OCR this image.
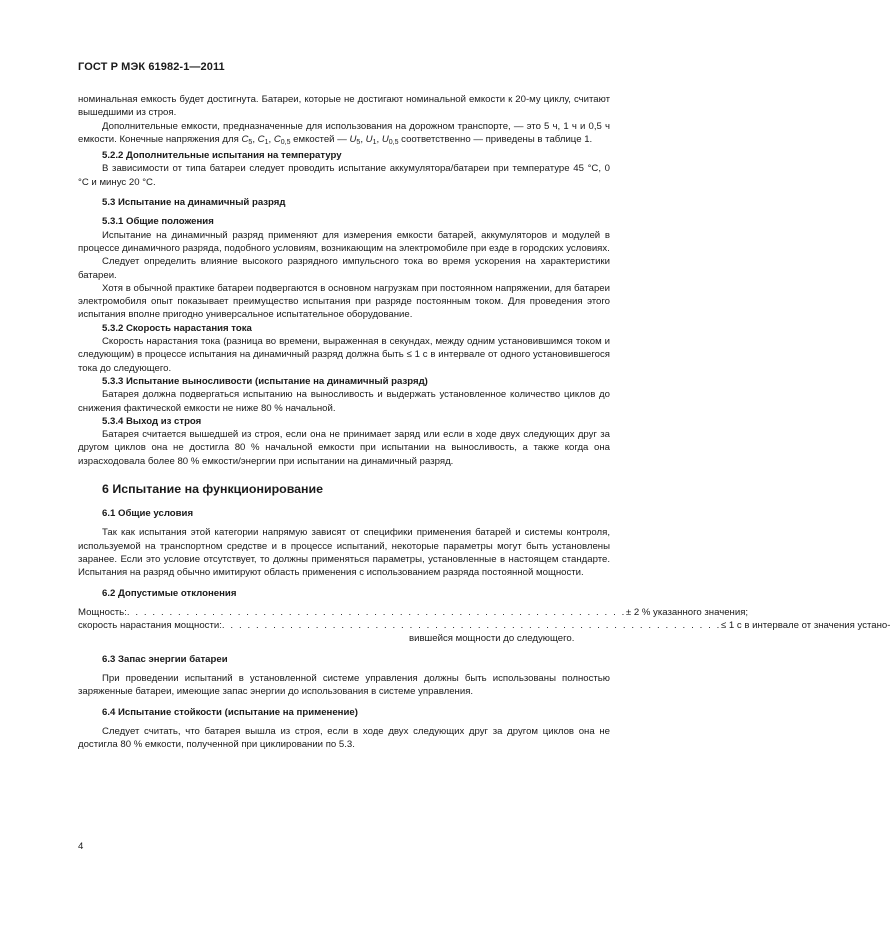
ГОСТ Р МЭК 61982-1—2011

номинальная емкость будет достигнута. Батареи, которые не достигают номинальной емкости к 20-му циклу, считают вышедшими из строя.

Дополнительные емкости, предназначенные для использования на дорожном транспорте, — это 5 ч, 1 ч и 0,5 ч емкости. Конечные напряжения для $C_5$, $C_1$, $C_{0,5}$ емкостей — $U_5$, $U_1$, $U_{0,5}$ соответственно — приведены в таблице 1.

5.2.2 Дополнительные испытания на температуру

В зависимости от типа батареи следует проводить испытание аккумулятора/батареи при температуре 45 °С, 0 °С и минус 20 °С.

5.3 Испытание на динамичный разряд
5.3.1 Общие положения

Испытание на динамичный разряд применяют для измерения емкости батарей, аккумуляторов и модулей в процессе динамичного разряда, подобного условиям, возникающим на электромобиле при езде в городских условиях.

Следует определить влияние высокого разрядного импульсного тока во время ускорения на характеристики батареи.

Хотя в обычной практике батареи подвергаются в основном нагрузкам при постоянном напряжении, для батареи электромобиля опыт показывает преимущество испытания при разряде постоянным током. Для проведения этого испытания вполне пригодно универсальное испытательное оборудование.

5.3.2 Скорость нарастания тока

Скорость нарастания тока (разница во времени, выраженная в секундах, между одним установившимся током и следующим) в процессе испытания на динамичный разряд должна быть ≤ 1 с в интервале от одного установившегося тока до следующего.

5.3.3 Испытание выносливости (испытание на динамичный разряд)

Батарея должна подвергаться испытанию на выносливость и выдержать установленное количество циклов до снижения фактической емкости не ниже 80 % начальной.

5.3.4 Выход из строя

Батарея считается вышедшей из строя, если она не принимает заряд или если в ходе двух следующих друг за другом циклов она не достигла 80 % начальной емкости при испытании на выносливость, а также когда она израсходовала более 80 % емкости/энергии при испытании на динамичный разряд.

6 Испытание на функционирование
6.1 Общие условия

Так как испытания этой категории напрямую зависят от специфики применения батарей и системы контроля, используемой на транспортном средстве и в процессе испытаний, некоторые параметры могут быть установлены заранее. Если это условие отсутствует, то должны применяться параметры, установленные в настоящем стандарте. Испытания на разряд обычно имитируют область применения с использованием разряда постоянной мощности.

6.2 Допустимые отклонения
Мощность: . . . . . . . . . . . . . . . . . . . . . . . . . . . . . . . . . . . . . . . . . . . . . . . . . . . . . . . . . . . ± 2 % указанного значения;
скорость нарастания мощности: . . . . . . . . . . . . . . . . . . . . . . . . . . . . . . . . . . . . . . . . . . . . . . . . . . . . . . . . . . . ≤ 1 с в интервале от значения устано-
вившейся мощности до следующего.
6.3 Запас энергии батареи

При проведении испытаний в установленной системе управления должны быть использованы полностью заряженные батареи, имеющие запас энергии до использования в системе управления.

6.4 Испытание стойкости (испытание на применение)

Следует считать, что батарея вышла из строя, если в ходе двух следующих друг за другом циклов она не достигла 80 % емкости, полученной при циклировании по 5.3.

4
